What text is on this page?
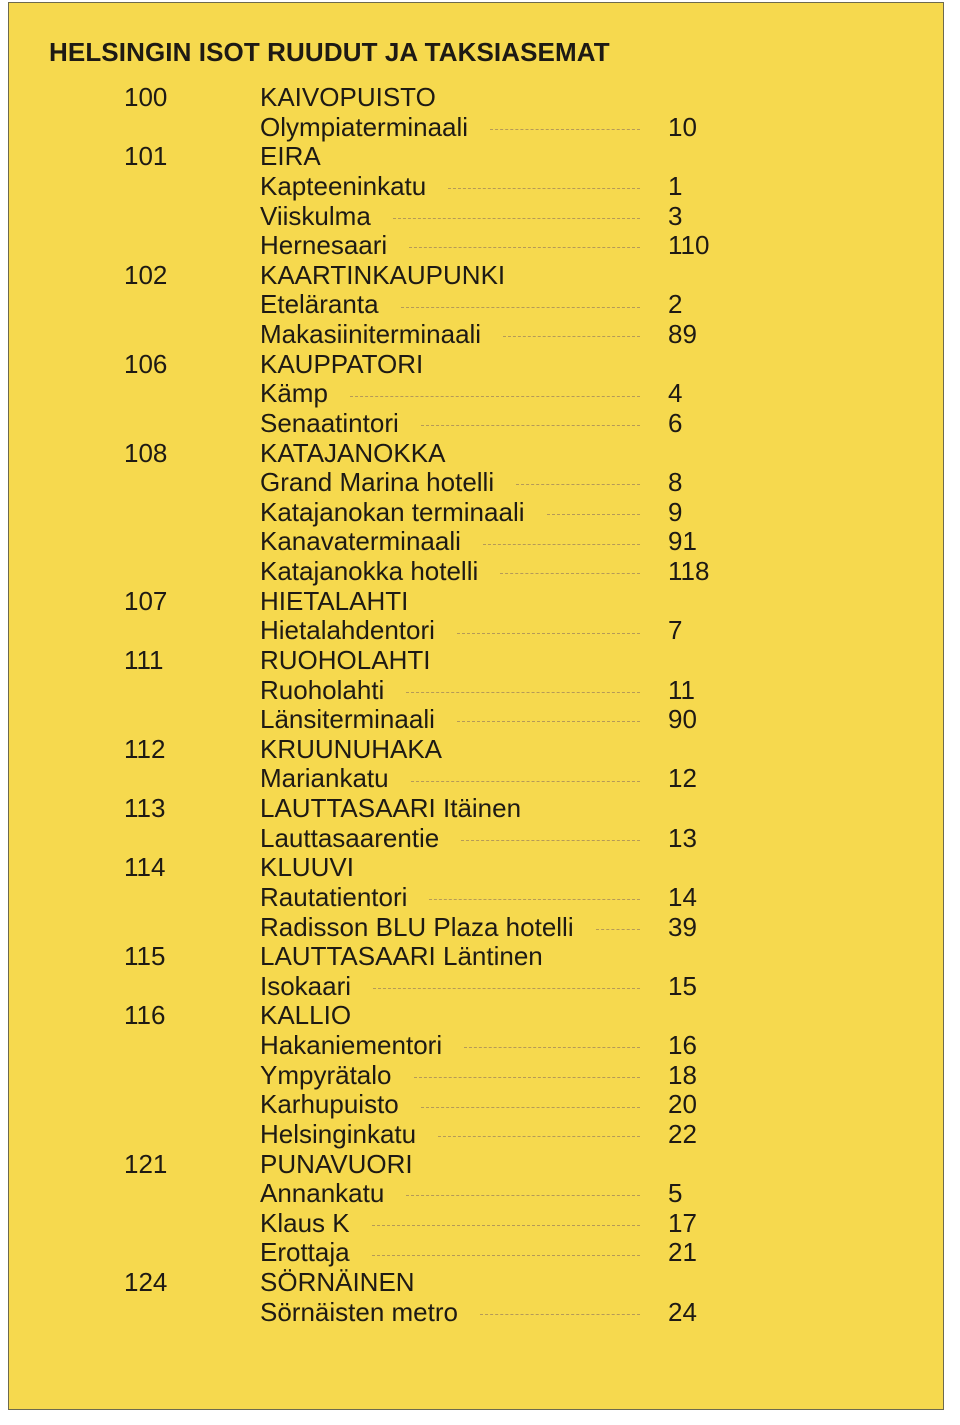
HELSINGIN ISOT RUUDUT JA TAKSIASEMAT
100	KAIVOPUISTO
Olympiaterminaali	10
101	EIRA
Kapteeninkatu	1
Viiskulma	3
Hernesaari	110
102	KAARTINKAUPUNKI
Eteläranta	2
Makasiiniterminaali	89
106	KAUPPATORI
Kämp	4
Senaatintori	6
108	KATAJANOKKA
Grand Marina hotelli	8
Katajanokan terminaali	9
Kanavaterminaali	91
Katajanokka hotelli	118
107	HIETALAHTI
Hietalahdentori	7
111	RUOHOLAHTI
Ruoholahti	11
Länsiterminaali	90
112	KRUUNUHAKA
Mariankatu	12
113	LAUTTASAARI Itäinen
Lauttasaarentie	13
114	KLUUVI
Rautatientori	14
Radisson BLU Plaza hotelli	39
115	LAUTTASAARI Läntinen
Isokaari	15
116	KALLIO
Hakaniementori	16
Ympyrätalo	18
Karhupuisto	20
Helsinginkatu	22
121	PUNAVUORI
Annankatu	5
Klaus K	17
Erottaja	21
124	SÖRNÄINEN
Sörnäisten metro	24
